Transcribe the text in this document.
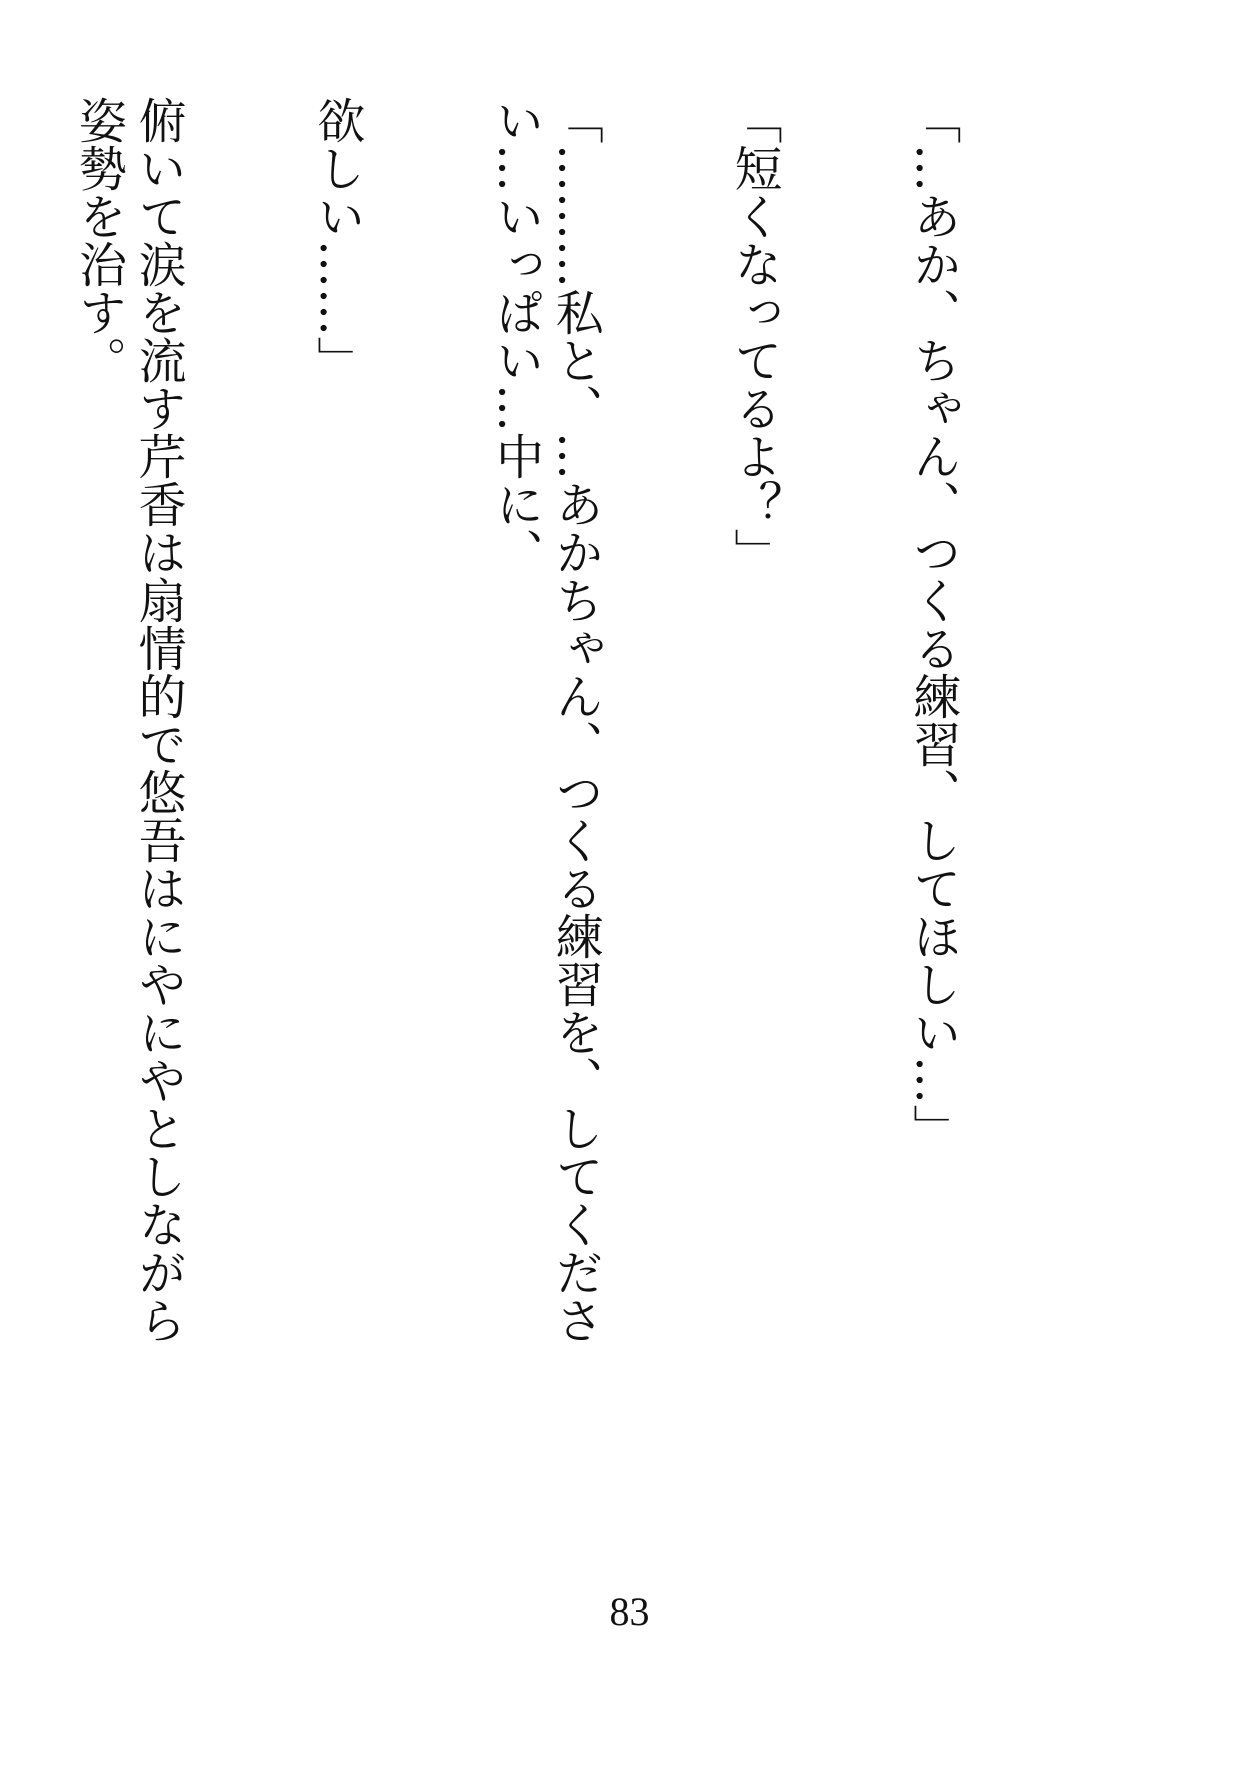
「…あか、ちゃん、つくる練習、してほしい…」

「短くなってるよ？」

「………私と、…あかちゃん、つくる練習を、してください…いっぱい…中に、

欲しい……」

俯いて涙を流す芹香は扇情的で悠吾はにやにやとしながら姿勢を治す。

83
